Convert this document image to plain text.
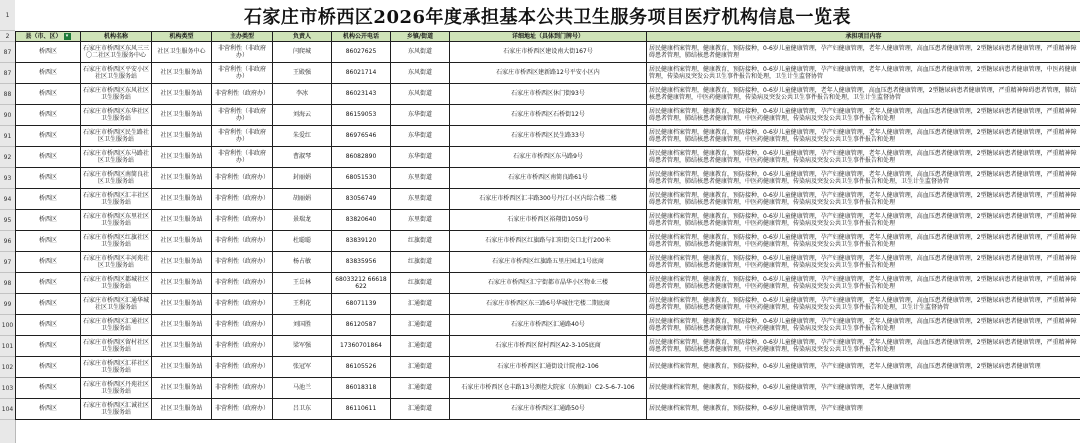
石家庄市桥西区2026年度承担基本公共卫生服务项目医疗机构信息一览表
1
2
87
87
88
90
91
92
93
94
95
96
97
98
99
100
101
102
103
104
县（市、区） ▾	机构名称	机构类型	主办类型	负责人	机构公开电话	乡镇/街道	详细地址（具体到门牌号）	承担项目内容
桥西区	石家庄市桥西区东风三三〇二社区卫生服务中心	社区卫生服务中心	非营利性（非政府办）	闫爬城	86027625	东风街道	石家庄市桥西区建设南大街167号	居民健康档案管理，健康教育，预防接种，0-6岁儿童健康管理，孕产妇健康管理，老年人健康管理，高血压患者健康管理，2型糖尿病患者健康管理，严重精神障碍患者管理，肺结核患者健康管理
桥西区	石家庄市桥西区平安小区社区卫生服务站	社区卫生服务站	非营利性（非政府办）	王殿强	86021714	东风街道	石家庄市桥西区建新路12号平安小区内	居民健康档案管理，健康教育，预防接种，0-6岁儿童健康管理，孕产妇健康管理，老年人健康管理，高血压患者健康管理，2型糖尿病患者健康管理，中医药健康管理，传染病及突发公共卫生事件报告和处理，卫生计生监督协管
桥西区	石家庄市桥西区东风社区卫生服务站	社区卫生服务站	非营利性（政府办）	李冰	86023143	东风街道	石家庄市桥西区休门街93号	居民健康档案管理，健康教育，预防接种，0-6岁儿童健康管理，老年人健康管理，高血压患者健康管理，2型糖尿病患者健康管理，严重精神障碍患者管理，肺结核患者健康管理，中医药健康管理，传染病及突发公共卫生事件报告和处理，卫生计生监督协管
桥西区	石家庄市桥西区东华社区卫生服务站	社区卫生服务站	非营利性（非政府办）	刘海云	86159053	东华街道	石家庄市桥西区石桥街12号	居民健康档案管理，健康教育，预防接种，0-6岁儿童健康管理，孕产妇健康管理，老年人健康管理，高血压患者健康管理，2型糖尿病患者健康管理，严重精神障碍患者管理，肺结核患者健康管理，中医药健康管理，传染病及突发公共卫生事件报告和处理
桥西区	石家庄市桥西区民生路社区卫生服务站	社区卫生服务站	非营利性（非政府办）	朱爱红	86976546	东华街道	石家庄市桥西区民生路33号	居民健康档案管理，健康教育，预防接种，0-6岁儿童健康管理，孕产妇健康管理，老年人健康管理，高血压患者健康管理，2型糖尿病患者健康管理，严重精神障碍患者管理，肺结核患者健康管理，中医药健康管理，传染病及突发公共卫生事件报告和处理
桥西区	石家庄市桥西区东马路社区卫生服务站	社区卫生服务站	非营利性（非政府办）	曹淑琴	86082890	东华街道	石家庄市桥西区东马路9号	居民健康档案管理，健康教育，预防接种，0-6岁儿童健康管理，孕产妇健康管理，老年人健康管理，高血压患者健康管理，2型糖尿病患者健康管理，严重精神障碍患者管理，肺结核患者健康管理，中医药健康管理，传染病及突发公共卫生事件报告和处理
桥西区	石家庄市桥西区南简良社区卫生服务站	社区卫生服务站	非营利性（政府办）	封丽娟	68051530	东里街道	石家庄市桥西区南简良路61号	居民健康档案管理，健康教育，预防接种，0-6岁儿童健康管理，孕产妇健康管理，老年人健康管理，高血压患者健康管理，2型糖尿病患者健康管理，严重精神障碍患者管理，肺结核患者健康管理，中医药健康管理，传染病及突发公共卫生事件报告和处理，卫生计生监督协管
桥西区	石家庄市桥西区汇丰社区卫生服务站	社区卫生服务站	非营利性（政府办）	胡丽娟	83056749	东里街道	石家庄市桥西区汇丰路300号丹江小区内综合楼二楼	居民健康档案管理，健康教育，预防接种，0-6岁儿童健康管理，孕产妇健康管理，老年人健康管理，高血压患者健康管理，2型糖尿病患者健康管理，严重精神障碍患者管理，肺结核患者健康管理，中医药健康管理，传染病及突发公共卫生事件报告和处理
桥西区	石家庄市桥西区东里社区卫生服务站	社区卫生服务站	非营利性（政府办）	景瑞龙	83820640	东里街道	石家庄市桥西区裕翔街1059号	居民健康档案管理，健康教育，预防接种，0-6岁儿童健康管理，孕产妇健康管理，老年人健康管理，高血压患者健康管理，2型糖尿病患者健康管理，严重精神障碍患者管理，肺结核患者健康管理，中医药健康管理，传染病及突发公共卫生事件报告和处理
桥西区	石家庄市桥西区红旗社区卫生服务站	社区卫生服务站	非营利性（政府办）	杜聪聪	83839120	红旗街道	石家庄市桥西区红旗路与汇阳街交口北行200米	居民健康档案管理，健康教育，预防接种，0-6岁儿童健康管理，孕产妇健康管理，老年人健康管理，高血压患者健康管理，2型糖尿病患者健康管理，严重精神障碍患者管理，肺结核患者健康管理，中医药健康管理，传染病及突发公共卫生事件报告和处理
桥西区	石家庄市桥西区丰河苑社区卫生服务站	社区卫生服务站	非营利性（政府办）	杨占敏	83835956	红旗街道	石家庄市桥西区红旗路五里庄园北1号底商	居民健康档案管理，健康教育，预防接种，0-6岁儿童健康管理，孕产妇健康管理，老年人健康管理，高血压患者健康管理，2型糖尿病患者健康管理，严重精神障碍患者管理，肺结核患者健康管理，中医药健康管理，传染病及突发公共卫生事件报告和处理
桥西区	石家庄市桥西区都城社区卫生服务站	社区卫生服务站	非营利性（政府办）	王岳林	68033212 66618622	红旗街道	石家庄市桥西区汇宁街都市晶华小区物业三楼	居民健康档案管理，健康教育，预防接种，0-6岁儿童健康管理，孕产妇健康管理，老年人健康管理，高血压患者健康管理，2型糖尿病患者健康管理，严重精神障碍患者管理，肺结核患者健康管理，中医药健康管理，传染病及突发公共卫生事件报告和处理
桥西区	石家庄市桥西区汇通华城社区卫生服务站	社区卫生服务站	非营利性（政府办）	王利花	68071139	汇通街道	石家庄市桥西区东三路6号华城住宅楼二期底商	居民健康档案管理，健康教育，预防接种，0-6岁儿童健康管理，孕产妇健康管理，老年人健康管理，高血压患者健康管理，2型糖尿病患者健康管理，严重精神障碍患者管理，肺结核患者健康管理，中医药健康管理，传染病及突发公共卫生事件报告和处理，卫生计生监督协管
桥西区	石家庄市桥西区汇通社区卫生服务站	社区卫生服务站	非营利性（政府办）	刘国胜	86120587	汇通街道	石家庄市桥西区汇通路40号	居民健康档案管理，健康教育，预防接种，0-6岁儿童健康管理，孕产妇健康管理，老年人健康管理，高血压患者健康管理，2型糖尿病患者健康管理，严重精神障碍患者管理，肺结核患者健康管理，中医药健康管理，传染病及突发公共卫生事件报告和处理
桥西区	石家庄市桥西区留村社区卫生服务站	社区卫生服务站	非营利性（政府办）	梁军强	17360701864	汇通街道	石家庄市桥西区留村西区A2-3-105底商	居民健康档案管理，健康教育，预防接种，0-6岁儿童健康管理，孕产妇健康管理，老年人健康管理，高血压患者健康管理，2型糖尿病患者健康管理，严重精神障碍患者管理，肺结核患者健康管理，中医药健康管理，传染病及突发公共卫生事件报告和处理
桥西区	石家庄市桥西区汇祥社区卫生服务站	社区卫生服务站	非营利性（政府办）	张冠军	86105526	汇通街道	石家庄市桥西区汇通街设计院南2-106	居民健康档案管理，健康教育，预防接种，0-6岁儿童健康管理，孕产妇健康管理，老年人健康管理，高血压患者健康管理，2型糖尿病患者健康管理
桥西区	石家庄市桥西区丹苑社区卫生服务站	社区卫生服务站	非营利性（政府办）	马池兰	86018318	汇通街道	石家庄市桥西区仓丰路13号测控大院家（东侧面）C2-5-6-7-106	居民健康档案管理，健康教育，预防接种，0-6岁儿童健康管理，孕产妇健康管理，老年人健康管理
桥西区	石家庄市桥西区汇诚社区卫生服务站	社区卫生服务站	非营利性（政府办）	吕卫东	86110611	汇通街道	石家庄市桥西区汇通路50号	居民健康档案管理，健康教育，预防接种，0-6岁儿童健康管理，孕产妇健康管理
